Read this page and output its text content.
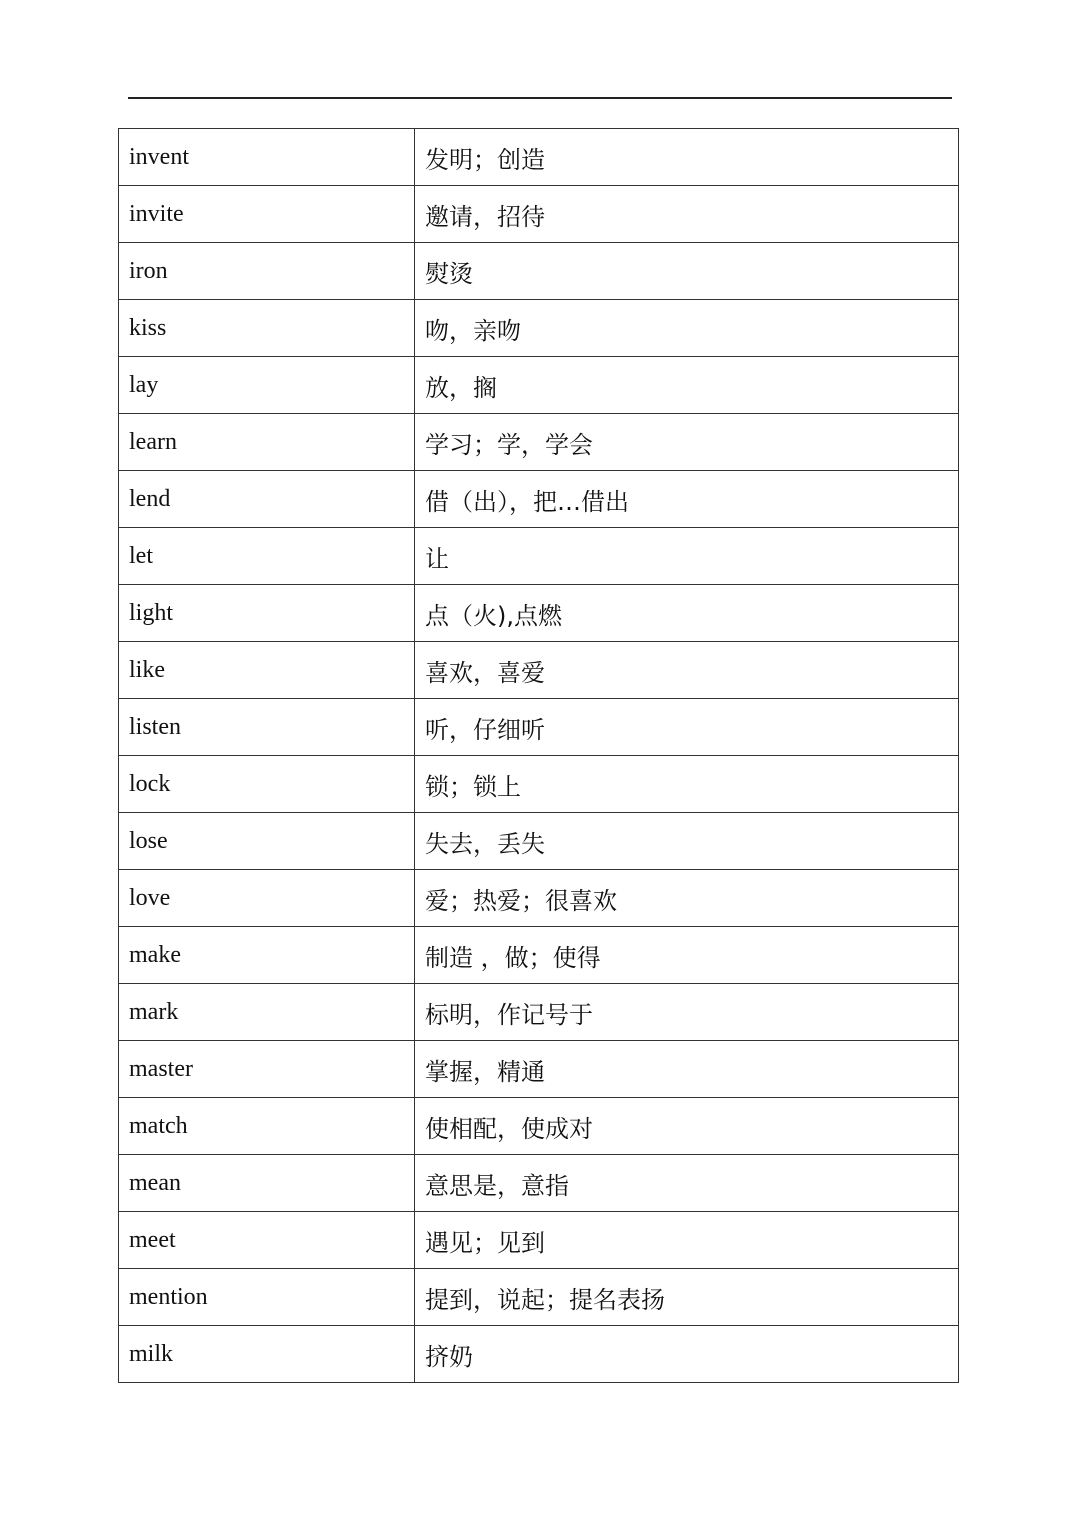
invent	发明；创造
invite	邀请，招待
iron	熨烫
kiss	吻，亲吻
lay	放，搁
learn	学习；学，学会
lend	借（出），把…借出
let	让
light	点（火),点燃
like	喜欢，喜爱
listen	听，仔细听
lock	锁；锁上
lose	失去，丢失
love	爱；热爱；很喜欢
make	制造 ，做；使得
mark	标明，作记号于
master	掌握，精通
match	使相配，使成对
mean	意思是，意指
meet	遇见；见到
mention	提到，说起；提名表扬
milk	挤奶
